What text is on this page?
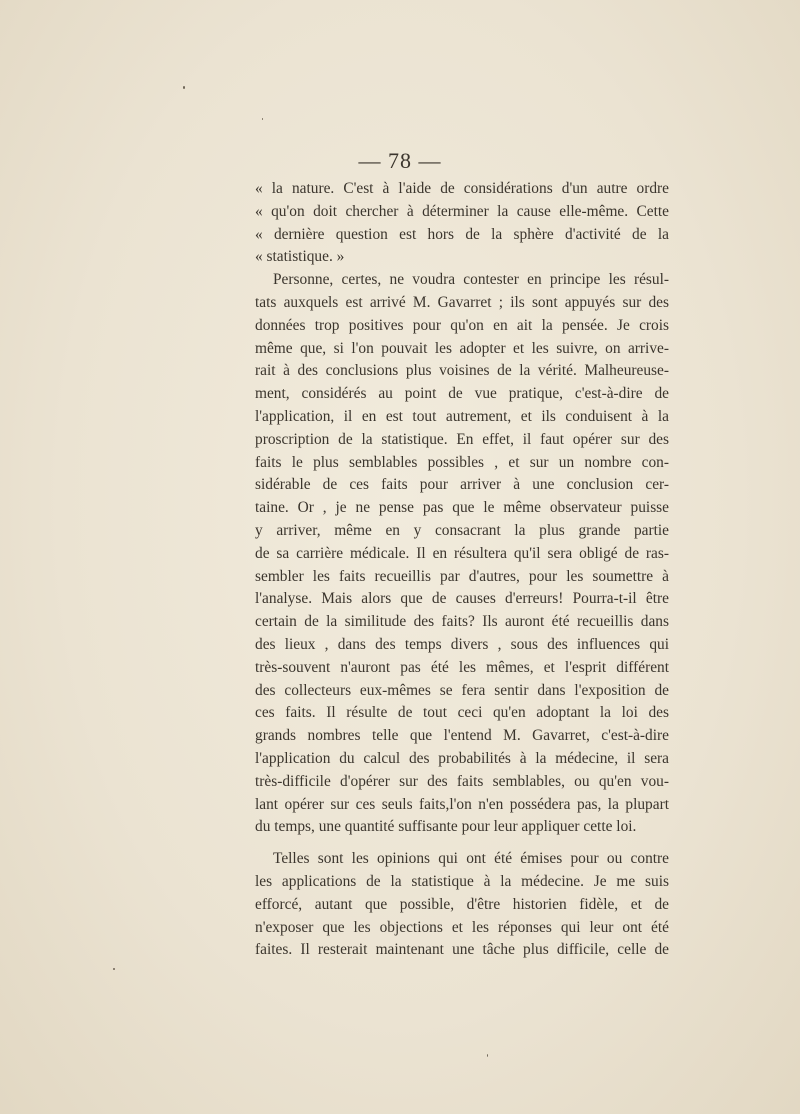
— 78 —
« la nature. C'est à l'aide de considérations d'un autre ordre
« qu'on doit chercher à déterminer la cause elle-même. Cette
« dernière question est hors de la sphère d'activité de la
« statistique. »
Personne, certes, ne voudra contester en principe les résul-
tats auxquels est arrivé M. Gavarret ; ils sont appuyés sur des
données trop positives pour qu'on en ait la pensée. Je crois
même que, si l'on pouvait les adopter et les suivre, on arrive-
rait à des conclusions plus voisines de la vérité. Malheureuse-
ment, considérés au point de vue pratique, c'est-à-dire de
l'application, il en est tout autrement, et ils conduisent à la
proscription de la statistique. En effet, il faut opérer sur des
faits le plus semblables possibles , et sur un nombre con-
sidérable de ces faits pour arriver à une conclusion cer-
taine. Or , je ne pense pas que le même observateur puisse
y arriver, même en y consacrant la plus grande partie
de sa carrière médicale. Il en résultera qu'il sera obligé de ras-
sembler les faits recueillis par d'autres, pour les soumettre à
l'analyse. Mais alors que de causes d'erreurs! Pourra-t-il être
certain de la similitude des faits? Ils auront été recueillis dans
des lieux , dans des temps divers , sous des influences qui
très-souvent n'auront pas été les mêmes, et l'esprit différent
des collecteurs eux-mêmes se fera sentir dans l'exposition de
ces faits. Il résulte de tout ceci qu'en adoptant la loi des
grands nombres telle que l'entend M. Gavarret, c'est-à-dire
l'application du calcul des probabilités à la médecine, il sera
très-difficile d'opérer sur des faits semblables, ou qu'en vou-
lant opérer sur ces seuls faits,l'on n'en possédera pas, la plupart
du temps, une quantité suffisante pour leur appliquer cette loi.
Telles sont les opinions qui ont été émises pour ou contre
les applications de la statistique à la médecine. Je me suis
efforcé, autant que possible, d'être historien fidèle, et de
n'exposer que les objections et les réponses qui leur ont été
faites. Il resterait maintenant une tâche plus difficile, celle de
